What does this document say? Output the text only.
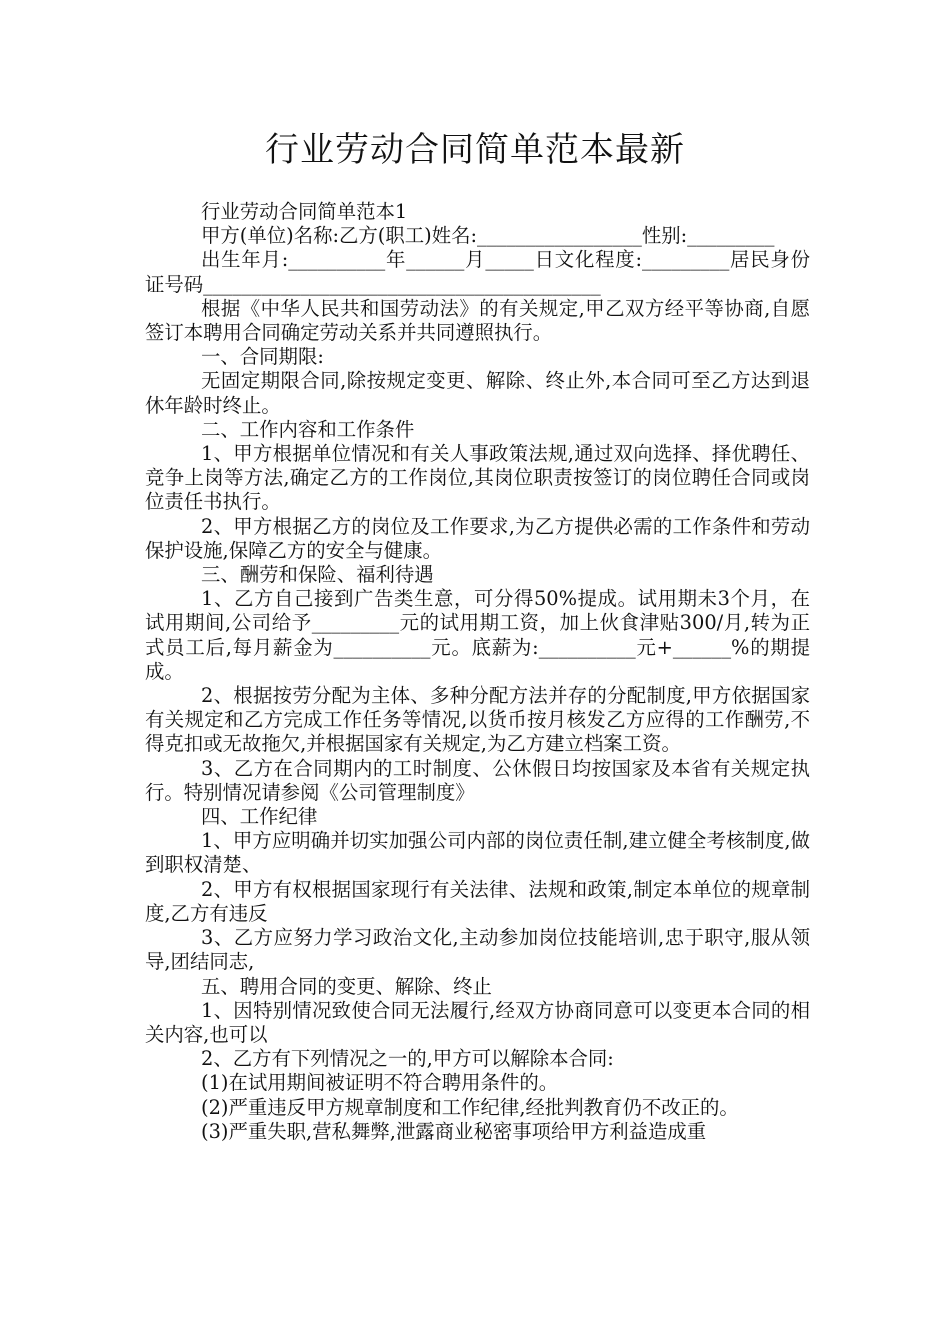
行业劳动合同简单范本最新

行业劳动合同简单范本1

甲方(单位)名称:乙方(职工)姓名:_________________性别:_________

出生年月:__________年______月_____日文化程度:_________居民身份证号码_________________________________________

根据《中华人民共和国劳动法》的有关规定,甲乙双方经平等协商,自愿签订本聘用合同确定劳动关系并共同遵照执行。

一、合同期限:

无固定期限合同,除按规定变更、解除、终止外,本合同可至乙方达到退休年龄时终止。

二、工作内容和工作条件

1、甲方根据单位情况和有关人事政策法规,通过双向选择、择优聘任、竞争上岗等方法,确定乙方的工作岗位,其岗位职责按签订的岗位聘任合同或岗位责任书执行。

2、甲方根据乙方的岗位及工作要求,为乙方提供必需的工作条件和劳动保护设施,保障乙方的安全与健康。

三、酬劳和保险、福利待遇

1、乙方自己接到广告类生意，可分得50%提成。试用期未3个月，在试用期间,公司给予_________元的试用期工资，加上伙食津贴300/月,转为正式员工后,每月薪金为__________元。底薪为:__________元+______%的期提成。

2、根据按劳分配为主体、多种分配方法并存的分配制度,甲方依据国家有关规定和乙方完成工作任务等情况,以货币按月核发乙方应得的工作酬劳,不得克扣或无故拖欠,并根据国家有关规定,为乙方建立档案工资。

3、乙方在合同期内的工时制度、公休假日均按国家及本省有关规定执行。特别情况请参阅《公司管理制度》

四、工作纪律

1、甲方应明确并切实加强公司内部的岗位责任制,建立健全考核制度,做到职权清楚、

2、甲方有权根据国家现行有关法律、法规和政策,制定本单位的规章制度,乙方有违反

3、乙方应努力学习政治文化,主动参加岗位技能培训,忠于职守,服从领导,团结同志,

五、聘用合同的变更、解除、终止

1、因特别情况致使合同无法履行,经双方协商同意可以变更本合同的相关内容,也可以

2、乙方有下列情况之一的,甲方可以解除本合同:

(1)在试用期间被证明不符合聘用条件的。

(2)严重违反甲方规章制度和工作纪律,经批判教育仍不改正的。

(3)严重失职,营私舞弊,泄露商业秘密事项给甲方利益造成重
